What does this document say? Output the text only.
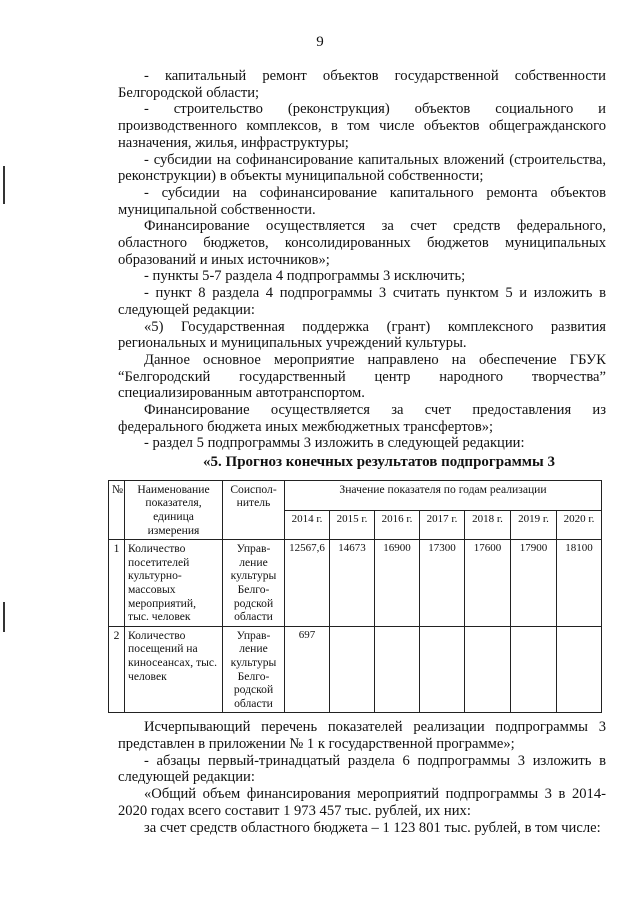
9

- капитальный ремонт объектов государственной собственности Белгородской области;

- строительство (реконструкция) объектов социального и производственного комплексов, в том числе объектов общегражданского назначения, жилья, инфраструктуры;

- субсидии на софинансирование капитальных вложений (строительства, реконструкции) в объекты муниципальной собственности;

- субсидии на софинансирование капитального ремонта объектов муниципальной собственности.

Финансирование осуществляется за счет средств федерального, областного бюджетов, консолидированных бюджетов муниципальных образований и иных источников»;

- пункты 5-7 раздела 4 подпрограммы 3 исключить;

- пункт 8 раздела 4 подпрограммы 3 считать пунктом 5 и изложить в следующей редакции:

«5) Государственная поддержка (грант) комплексного развития региональных и муниципальных учреждений культуры.

Данное основное мероприятие направлено на обеспечение ГБУК “Белгородский государственный центр народного творчества” специализированным автотранспортом.

Финансирование осуществляется за счет предоставления из федерального бюджета иных межбюджетных трансфертов»;

- раздел 5 подпрограммы 3 изложить в следующей редакции:

«5. Прогноз конечных результатов подпрограммы 3

№	Наименование показателя, единица измерения	Соиспол-нитель	Значение показателя по годам реализации						
			2014 г.	2015 г.	2016 г.	2017 г.	2018 г.	2019 г.	2020 г.
1	Количество посетителей культурно-массовых мероприятий, тыс. человек	Управ-ление культуры Белго-родской области	12567,6	14673	16900	17300	17600	17900	18100
2	Количество посещений на киносеансах, тыс. человек	Управ-ление культуры Белго-родской области	697						

Исчерпывающий перечень показателей реализации подпрограммы 3 представлен в приложении № 1 к государственной программе»;

- абзацы первый-тринадцатый раздела 6 подпрограммы 3 изложить в следующей редакции:

«Общий объем финансирования мероприятий подпрограммы 3 в 2014-2020 годах всего составит 1 973 457 тыс. рублей, их них:

за счет средств областного бюджета – 1 123 801 тыс. рублей, в том числе:
